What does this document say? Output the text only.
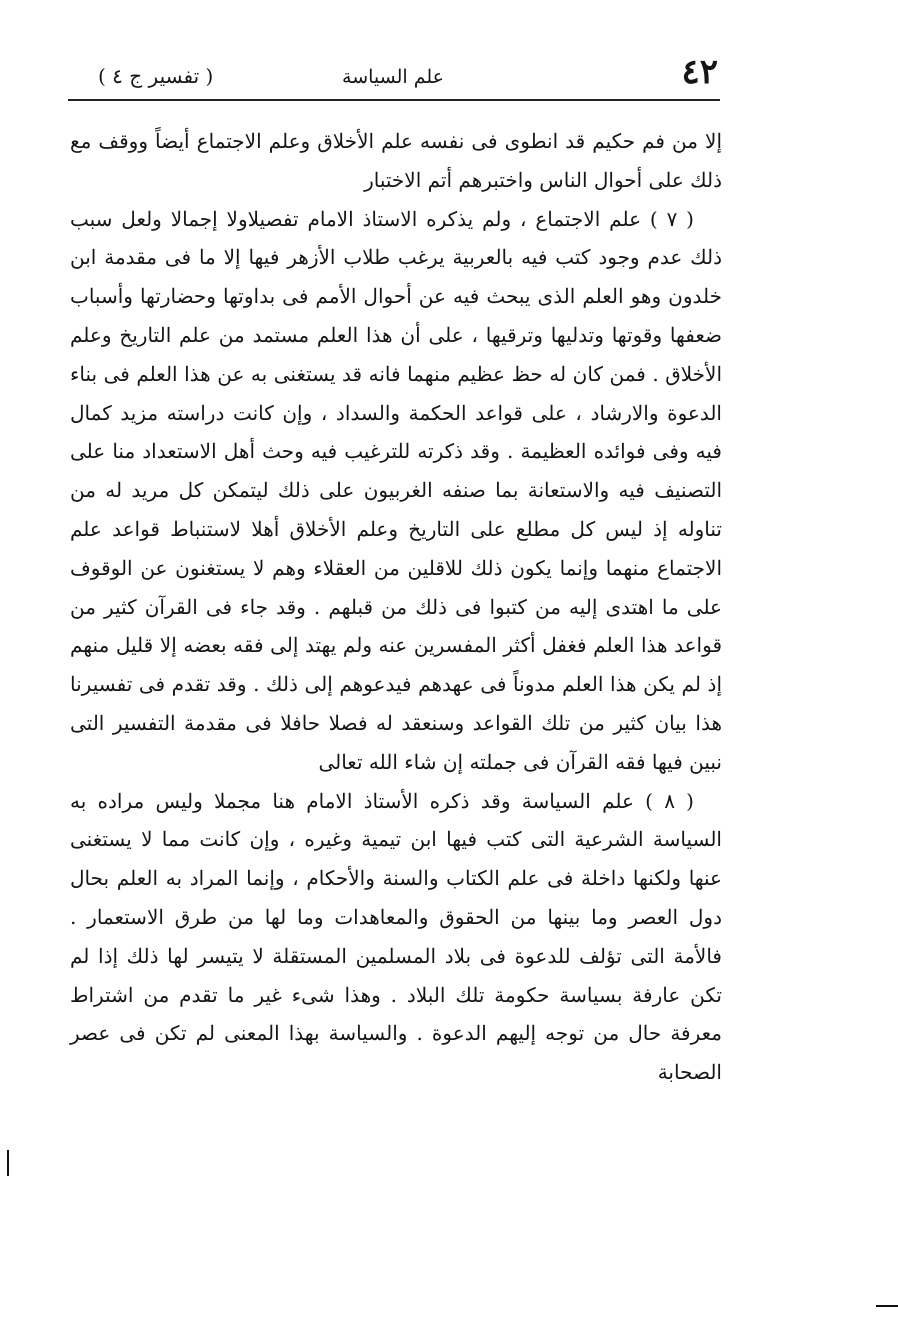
٤٢
علم السياسة
( تفسير ج ٤ )

إلا من فم حكيم قد انطوى فى نفسه علم الأخلاق وعلم الاجتماع أيضاً ووقف مع ذلك على أحوال الناس واختبرهم أتم الاختبار

( ٧ ) علم الاجتماع ، ولم يذكره الاستاذ الامام تفصيلاولا إجمالا ولعل سبب ذلك عدم وجود كتب فيه بالعربية يرغب طلاب الأزهر فيها إلا ما فى مقدمة ابن خلدون وهو العلم الذى يبحث فيه عن أحوال الأمم فى بداوتها وحضارتها وأسباب ضعفها وقوتها وتدليها وترقيها ، على أن هذا العلم مستمد من علم التاريخ وعلم الأخلاق . فمن كان له حظ عظيم منهما فانه قد يستغنى به عن هذا العلم فى بناء الدعوة والارشاد ، على قواعد الحكمة والسداد ، وإن كانت دراسته مزيد كمال فيه وفى فوائده العظيمة . وقد ذكرته للترغيب فيه وحث أهل الاستعداد منا على التصنيف فيه والاستعانة بما صنفه الغربيون على ذلك ليتمكن كل مريد له من تناوله إذ ليس كل مطلع على التاريخ وعلم الأخلاق أهلا لاستنباط قواعد علم الاجتماع منهما وإنما يكون ذلك للاقلين من العقلاء وهم لا يستغنون عن الوقوف على ما اهتدى إليه من كتبوا فى ذلك من قبلهم . وقد جاء فى القرآن كثير من قواعد هذا العلم فغفل أكثر المفسرين عنه ولم يهتد إلى فقه بعضه إلا قليل منهم إذ لم يكن هذا العلم مدوناً فى عهدهم فيدعوهم إلى ذلك . وقد تقدم فى تفسيرنا هذا بيان كثير من تلك القواعد وسنعقد له فصلا حافلا فى مقدمة التفسير التى نبين فيها فقه القرآن فى جملته إن شاء الله تعالى

( ٨ ) علم السياسة وقد ذكره الأستاذ الامام هنا مجملا وليس مراده به السياسة الشرعية التى كتب فيها ابن تيمية وغيره ، وإن كانت مما لا يستغنى عنها ولكنها داخلة فى علم الكتاب والسنة والأحكام ، وإنما المراد به العلم بحال دول العصر وما بينها من الحقوق والمعاهدات وما لها من طرق الاستعمار . فالأمة التى تؤلف للدعوة فى بلاد المسلمين المستقلة لا يتيسر لها ذلك إذا لم تكن عارفة بسياسة حكومة تلك البلاد . وهذا شىء غير ما تقدم من اشتراط معرفة حال من توجه إليهم الدعوة . والسياسة بهذا المعنى لم تكن فى عصر الصحابة
